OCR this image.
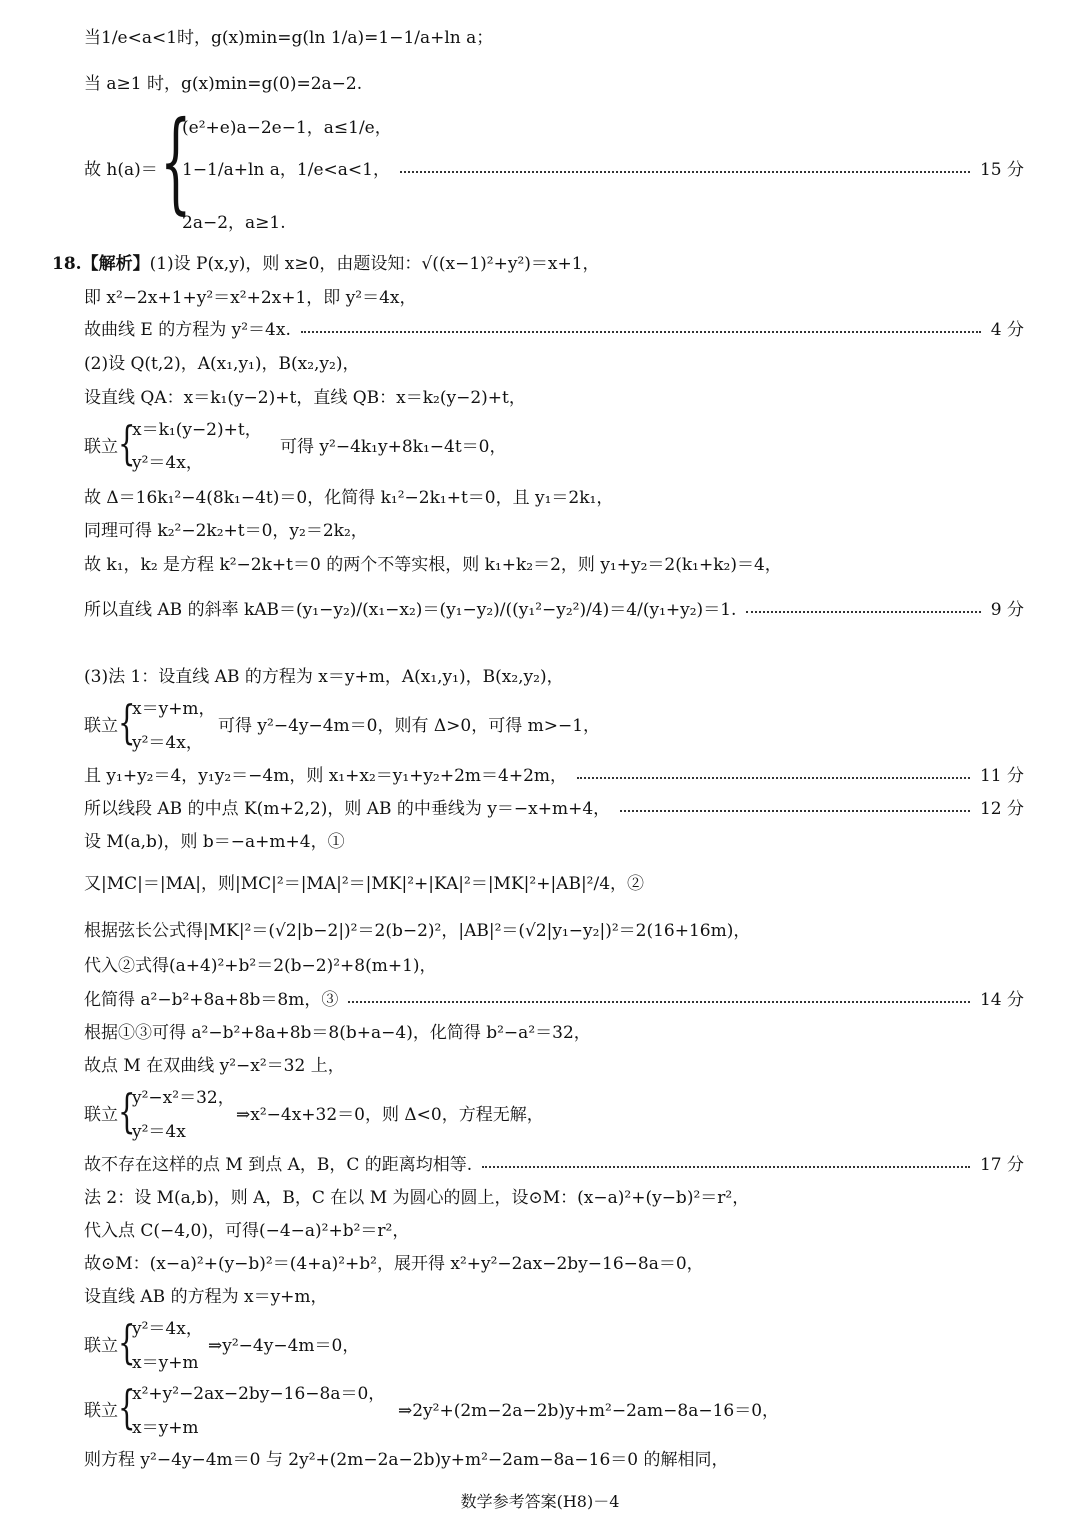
当1/e<a<1时，g(x)min=g(ln 1/a)=1−1/a+ln a；
当 a≥1 时，g(x)min=g(0)=2a−2.
故 h(a)＝ {
(e²+e)a−2e−1，a≤1/e，
1−1/a+ln a，1/e<a<1，	15 分
2a−2，a≥1.
18.【解析】(1)设 P(x,y)，则 x≥0，由题设知：√((x−1)²+y²)＝x+1，
即 x²−2x+1+y²＝x²+2x+1，即 y²＝4x，
故曲线 E 的方程为 y²＝4x.	4 分
(2)设 Q(t,2)，A(x₁,y₁)，B(x₂,y₂)，
设直线 QA：x＝k₁(y−2)+t，直线 QB：x＝k₂(y−2)+t，
联立 {
x＝k₁(y−2)+t，
y²＝4x，
可得 y²−4k₁y+8k₁−4t＝0，
故 Δ＝16k₁²−4(8k₁−4t)＝0，化简得 k₁²−2k₁+t＝0，且 y₁＝2k₁，
同理可得 k₂²−2k₂+t＝0，y₂＝2k₂，
故 k₁，k₂ 是方程 k²−2k+t＝0 的两个不等实根，则 k₁+k₂＝2，则 y₁+y₂＝2(k₁+k₂)＝4，
所以直线 AB 的斜率 kAB＝(y₁−y₂)/(x₁−x₂)＝(y₁−y₂)/((y₁²−y₂²)/4)＝4/(y₁+y₂)＝1.	9 分
(3)法 1：设直线 AB 的方程为 x＝y+m，A(x₁,y₁)，B(x₂,y₂)，
联立 {
x＝y+m，
y²＝4x，
可得 y²−4y−4m＝0，则有 Δ>0，可得 m>−1，
且 y₁+y₂＝4，y₁y₂＝−4m，则 x₁+x₂＝y₁+y₂+2m＝4+2m，	11 分
所以线段 AB 的中点 K(m+2,2)，则 AB 的中垂线为 y＝−x+m+4，	12 分
设 M(a,b)，则 b＝−a+m+4，①
又|MC|＝|MA|，则|MC|²＝|MA|²＝|MK|²+|KA|²＝|MK|²+|AB|²/4，②
根据弦长公式得|MK|²＝(√2|b−2|)²＝2(b−2)²，|AB|²＝(√2|y₁−y₂|)²＝2(16+16m)，
代入②式得(a+4)²+b²＝2(b−2)²+8(m+1)，
化简得 a²−b²+8a+8b＝8m，③	14 分
根据①③可得 a²−b²+8a+8b＝8(b+a−4)，化简得 b²−a²＝32，
故点 M 在双曲线 y²−x²＝32 上，
联立 {
y²−x²＝32，
y²＝4x
⇒x²−4x+32＝0，则 Δ<0，方程无解，
故不存在这样的点 M 到点 A，B，C 的距离均相等.	17 分
法 2：设 M(a,b)，则 A，B，C 在以 M 为圆心的圆上，设⊙M：(x−a)²+(y−b)²＝r²，
代入点 C(−4,0)，可得(−4−a)²+b²＝r²，
故⊙M：(x−a)²+(y−b)²＝(4+a)²+b²，展开得 x²+y²−2ax−2by−16−8a＝0，
设直线 AB 的方程为 x＝y+m，
联立 {
y²＝4x，
x＝y+m
⇒y²−4y−4m＝0，
联立 {
x²+y²−2ax−2by−16−8a＝0，
x＝y+m
⇒2y²+(2m−2a−2b)y+m²−2am−8a−16＝0，
则方程 y²−4y−4m＝0 与 2y²+(2m−2a−2b)y+m²−2am−8a−16＝0 的解相同，
数学参考答案(H8)－4
